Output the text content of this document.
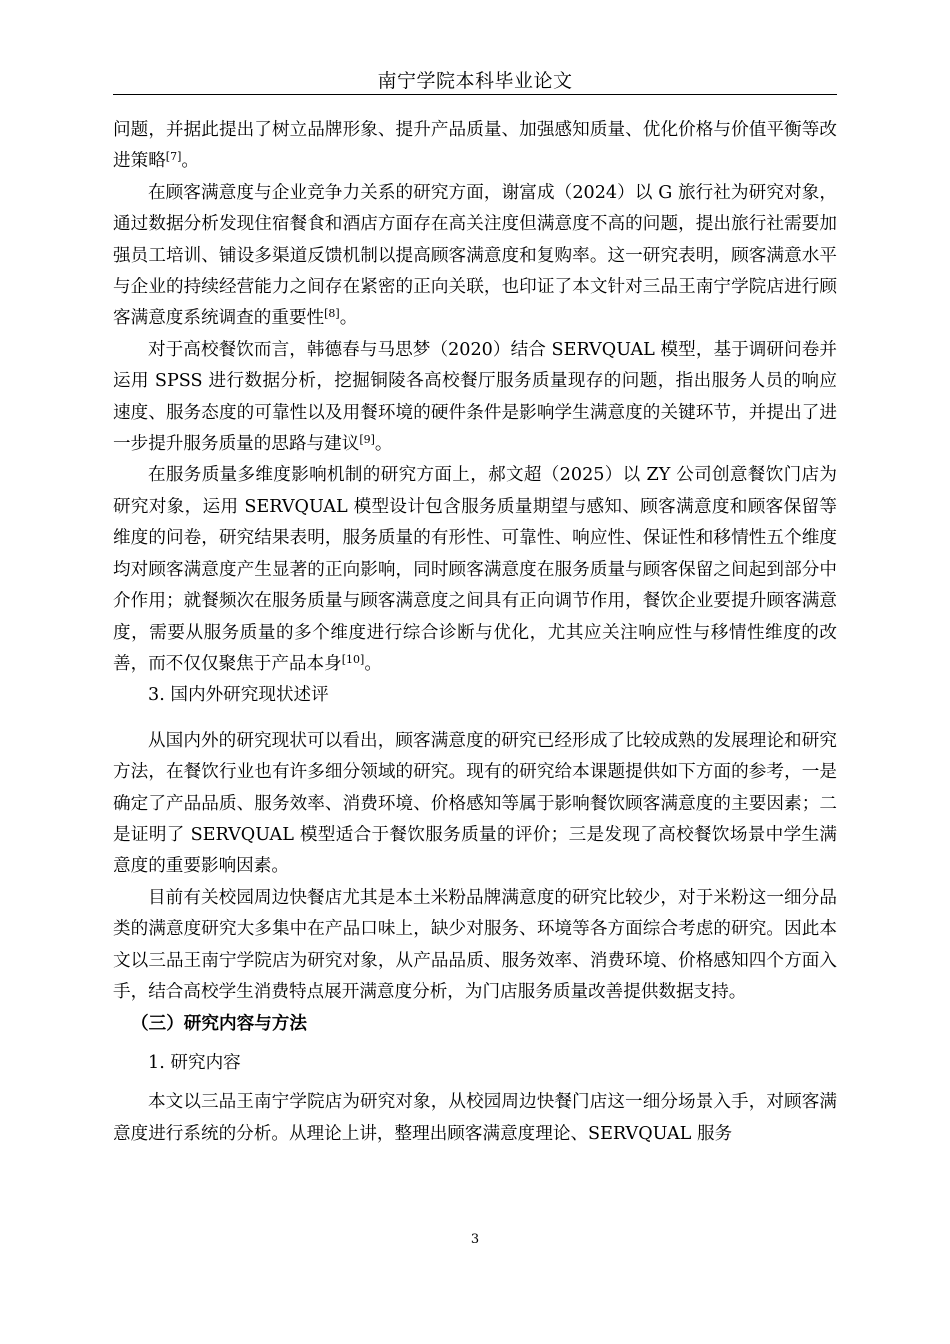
南宁学院本科毕业论文

问题，并据此提出了树立品牌形象、提升产品质量、加强感知质量、优化价格与价值平衡等改进策略[7]。

在顾客满意度与企业竞争力关系的研究方面，谢富成（2024）以 G 旅行社为研究对象，通过数据分析发现住宿餐食和酒店方面存在高关注度但满意度不高的问题，提出旅行社需要加强员工培训、铺设多渠道反馈机制以提高顾客满意度和复购率。这一研究表明，顾客满意水平与企业的持续经营能力之间存在紧密的正向关联，也印证了本文针对三品王南宁学院店进行顾客满意度系统调查的重要性[8]。

对于高校餐饮而言，韩德春与马思梦（2020）结合 SERVQUAL 模型，基于调研问卷并运用 SPSS 进行数据分析，挖掘铜陵各高校餐厅服务质量现存的问题，指出服务人员的响应速度、服务态度的可靠性以及用餐环境的硬件条件是影响学生满意度的关键环节，并提出了进一步提升服务质量的思路与建议[9]。

在服务质量多维度影响机制的研究方面上，郝文超（2025）以 ZY 公司创意餐饮门店为研究对象，运用 SERVQUAL 模型设计包含服务质量期望与感知、顾客满意度和顾客保留等维度的问卷，研究结果表明，服务质量的有形性、可靠性、响应性、保证性和移情性五个维度均对顾客满意度产生显著的正向影响，同时顾客满意度在服务质量与顾客保留之间起到部分中介作用；就餐频次在服务质量与顾客满意度之间具有正向调节作用，餐饮企业要提升顾客满意度，需要从服务质量的多个维度进行综合诊断与优化，尤其应关注响应性与移情性维度的改善，而不仅仅聚焦于产品本身[10]。

3. 国内外研究现状述评

从国内外的研究现状可以看出，顾客满意度的研究已经形成了比较成熟的发展理论和研究方法，在餐饮行业也有许多细分领域的研究。现有的研究给本课题提供如下方面的参考，一是确定了产品品质、服务效率、消费环境、价格感知等属于影响餐饮顾客满意度的主要因素；二是证明了 SERVQUAL 模型适合于餐饮服务质量的评价；三是发现了高校餐饮场景中学生满意度的重要影响因素。

目前有关校园周边快餐店尤其是本土米粉品牌满意度的研究比较少，对于米粉这一细分品类的满意度研究大多集中在产品口味上，缺少对服务、环境等各方面综合考虑的研究。因此本文以三品王南宁学院店为研究对象，从产品品质、服务效率、消费环境、价格感知四个方面入手，结合高校学生消费特点展开满意度分析，为门店服务质量改善提供数据支持。

（三）研究内容与方法

1. 研究内容

本文以三品王南宁学院店为研究对象，从校园周边快餐门店这一细分场景入手，对顾客满意度进行系统的分析。从理论上讲，整理出顾客满意度理论、SERVQUAL 服务

3
